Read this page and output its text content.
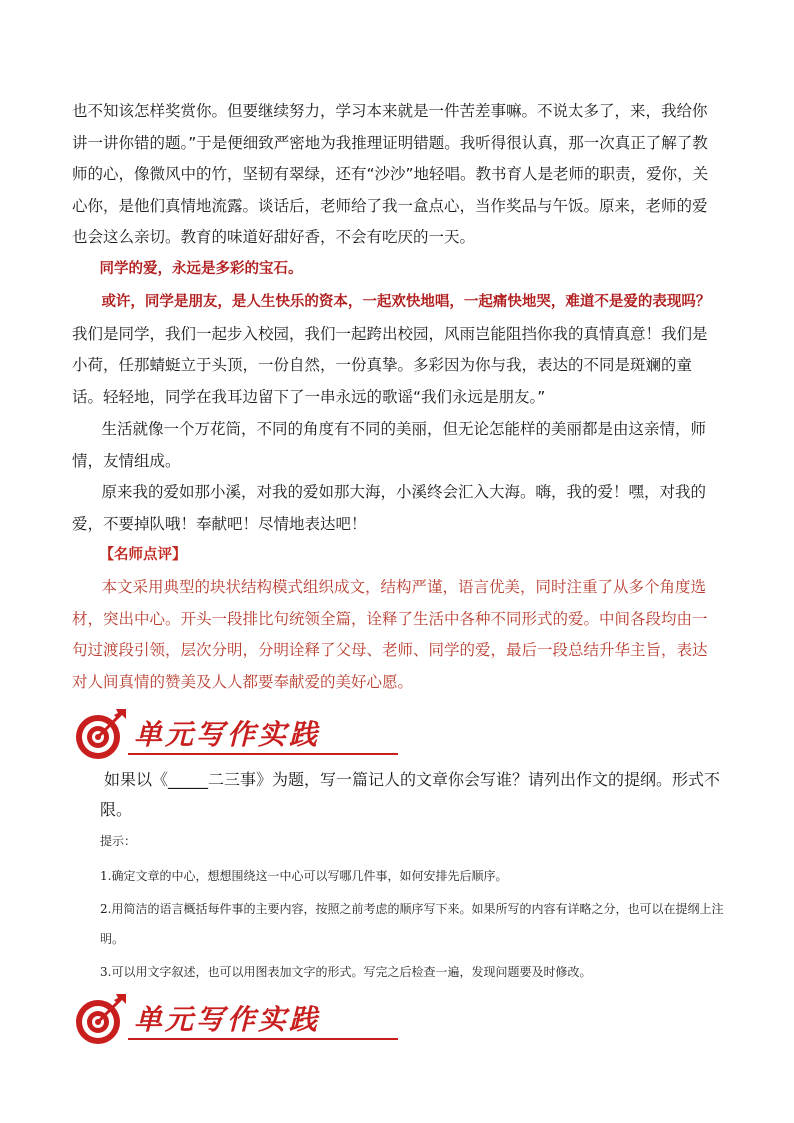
也不知该怎样奖赏你。但要继续努力，学习本来就是一件苦差事嘛。不说太多了，来，我给你讲一讲你错的题。”于是便细致严密地为我推理证明错题。我听得很认真，那一次真正了解了教师的心，像微风中的竹，坚韧有翠绿，还有“沙沙”地轻唱。教书育人是老师的职责，爱你，关心你，是他们真情地流露。谈话后，老师给了我一盒点心，当作奖品与午饭。原来，老师的爱也会这么亲切。教育的味道好甜好香，不会有吃厌的一天。

同学的爱，永远是多彩的宝石。

或许，同学是朋友，是人生快乐的资本，一起欢快地唱，一起痛快地哭，难道不是爱的表现吗？我们是同学，我们一起步入校园，我们一起跨出校园，风雨岂能阻挡你我的真情真意！我们是小荷，任那蜻蜓立于头顶，一份自然，一份真挚。多彩因为你与我，表达的不同是斑斓的童话。轻轻地，同学在我耳边留下了一串永远的歌谣“我们永远是朋友。”

生活就像一个万花筒，不同的角度有不同的美丽，但无论怎能样的美丽都是由这亲情，师情，友情组成。

原来我的爱如那小溪，对我的爱如那大海，小溪终会汇入大海。嗨，我的爱！嘿，对我的爱，不要掉队哦！奉献吧！尽情地表达吧！

【名师点评】

本文采用典型的块状结构模式组织成文，结构严谨，语言优美，同时注重了从多个角度选材，突出中心。开头一段排比句统领全篇，诠释了生活中各种不同形式的爱。中间各段均由一句过渡段引领，层次分明，分明诠释了父母、老师、同学的爱，最后一段总结升华主旨，表达对人间真情的赞美及人人都要奉献爱的美好心愿。

单元写作实践

如果以《_____二三事》为题，写一篇记人的文章你会写谁？请列出作文的提纲。形式不限。

提示：

1.确定文章的中心，想想围绕这一中心可以写哪几件事，如何安排先后顺序。

2.用简洁的语言概括每件事的主要内容，按照之前考虑的顺序写下来。如果所写的内容有详略之分，也可以在提纲上注明。

3.可以用文字叙述，也可以用图表加文字的形式。写完之后检查一遍，发现问题要及时修改。

单元写作实践
